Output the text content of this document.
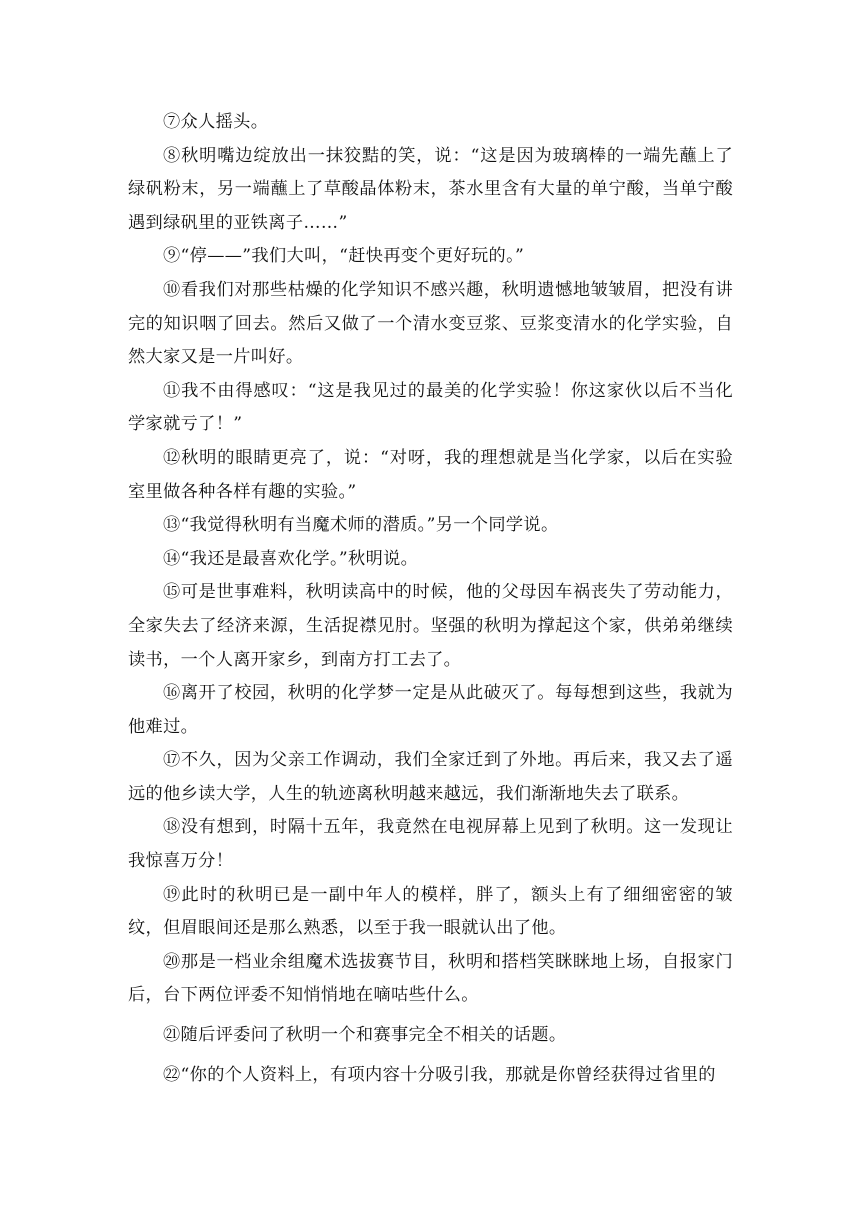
⑦众人摇头。

⑧秋明嘴边绽放出一抹狡黠的笑，说：“这是因为玻璃棒的一端先蘸上了绿矾粉末，另一端蘸上了草酸晶体粉末，茶水里含有大量的单宁酸，当单宁酸遇到绿矾里的亚铁离子……”

⑨“停——”我们大叫，“赶快再变个更好玩的。”

⑩看我们对那些枯燥的化学知识不感兴趣，秋明遗憾地皱皱眉，把没有讲完的知识咽了回去。然后又做了一个清水变豆浆、豆浆变清水的化学实验，自然大家又是一片叫好。

⑪我不由得感叹：“这是我见过的最美的化学实验！你这家伙以后不当化学家就亏了！”

⑫秋明的眼睛更亮了，说：“对呀，我的理想就是当化学家，以后在实验室里做各种各样有趣的实验。”

⑬“我觉得秋明有当魔术师的潜质。”另一个同学说。

⑭“我还是最喜欢化学。”秋明说。

⑮可是世事难料，秋明读高中的时候，他的父母因车祸丧失了劳动能力，全家失去了经济来源，生活捉襟见肘。坚强的秋明为撑起这个家，供弟弟继续读书，一个人离开家乡，到南方打工去了。

⑯离开了校园，秋明的化学梦一定是从此破灭了。每每想到这些，我就为他难过。

⑰不久，因为父亲工作调动，我们全家迁到了外地。再后来，我又去了遥远的他乡读大学，人生的轨迹离秋明越来越远，我们渐渐地失去了联系。

⑱没有想到，时隔十五年，我竟然在电视屏幕上见到了秋明。这一发现让我惊喜万分！

⑲此时的秋明已是一副中年人的模样，胖了，额头上有了细细密密的皱纹，但眉眼间还是那么熟悉，以至于我一眼就认出了他。

⑳那是一档业余组魔术选拔赛节目，秋明和搭档笑眯眯地上场，自报家门后，台下两位评委不知悄悄地在嘀咕些什么。

㉑随后评委问了秋明一个和赛事完全不相关的话题。

㉒“你的个人资料上，有项内容十分吸引我，那就是你曾经获得过省里的
